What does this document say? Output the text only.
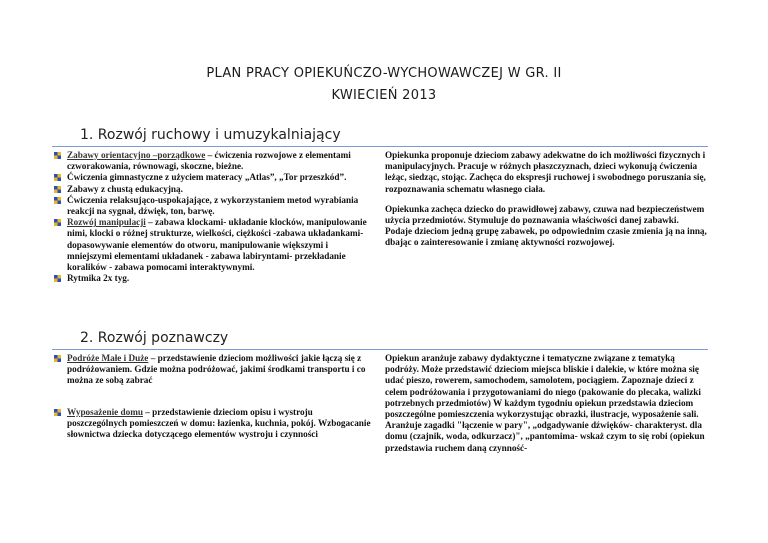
PLAN PRACY OPIEKUŃCZO-WYCHOWAWCZEJ W GR. II
KWIECIEŃ 2013
1. Rozwój ruchowy i umuzykalniający
Zabawy orientacyjno –porządkowe – ćwiczenia rozwojowe z elementami czworakowania, równowagi, skoczne, bieżne.
Ćwiczenia gimnastyczne z użyciem materacy „Atlas”, „Tor przeszkód”.
Zabawy z chustą edukacyjną.
Ćwiczenia relaksująco-uspokajające, z wykorzystaniem metod wyrabiania reakcji na sygnał, dźwięk, ton, barwę.
Rozwój manipulacji – zabawa klockami- układanie klocków, manipulowanie nimi, klocki o różnej strukturze, wielkości, ciężkości -zabawa układankami- dopasowywanie elementów do otworu, manipulowanie większymi i mniejszymi elementami układanek - zabawa labiryntami- przekładanie koralików - zabawa pomocami interaktywnymi.
Rytmika 2x tyg.
Opiekunka proponuje dzieciom zabawy adekwatne do ich możliwości fizycznych i manipulacyjnych. Pracuje w różnych płaszczyznach, dzieci wykonują ćwiczenia leżąc, siedząc, stojąc. Zachęca do ekspresji ruchowej i swobodnego poruszania się, rozpoznawania schematu własnego ciała.
Opiekunka zachęca dziecko do prawidłowej zabawy, czuwa nad bezpieczeństwem użycia przedmiotów. Stymuluje do poznawania właściwości danej zabawki. Podaje dzieciom jedną grupę zabawek, po odpowiednim czasie zmienia ją na inną, dbając o zainteresowanie i zmianę aktywności rozwojowej.
2. Rozwój poznawczy
Podróże Małe i Duże – przedstawienie dzieciom możliwości jakie łączą się z podróżowaniem. Gdzie można podróżować, jakimi środkami transportu i co można ze sobą zabrać
Wyposażenie domu – przedstawienie dzieciom opisu i wystroju poszczególnych pomieszczeń w domu: łazienka, kuchnia, pokój. Wzbogacanie słownictwa dziecka dotyczącego elementów wystroju i czynności
Opiekun aranżuje zabawy dydaktyczne i tematyczne związane z tematyką podróży. Może przedstawić dzieciom miejsca bliskie i dalekie, w które można się udać pieszo, rowerem, samochodem, samolotem, pociągiem. Zapoznaje dzieci z celem podróżowania i przygotowaniami do niego (pakowanie do plecaka, walizki potrzebnych przedmiotów) W każdym tygodniu opiekun przedstawia dzieciom poszczególne pomieszczenia wykorzystując obrazki, ilustracje, wyposażenie sali. Aranżuje zagadki "łączenie w pary", „odgadywanie dźwięków- charakteryst. dla domu (czajnik, woda, odkurzacz)", „pantomima- wskaż czym to się robi (opiekun przedstawia ruchem daną czynność-
